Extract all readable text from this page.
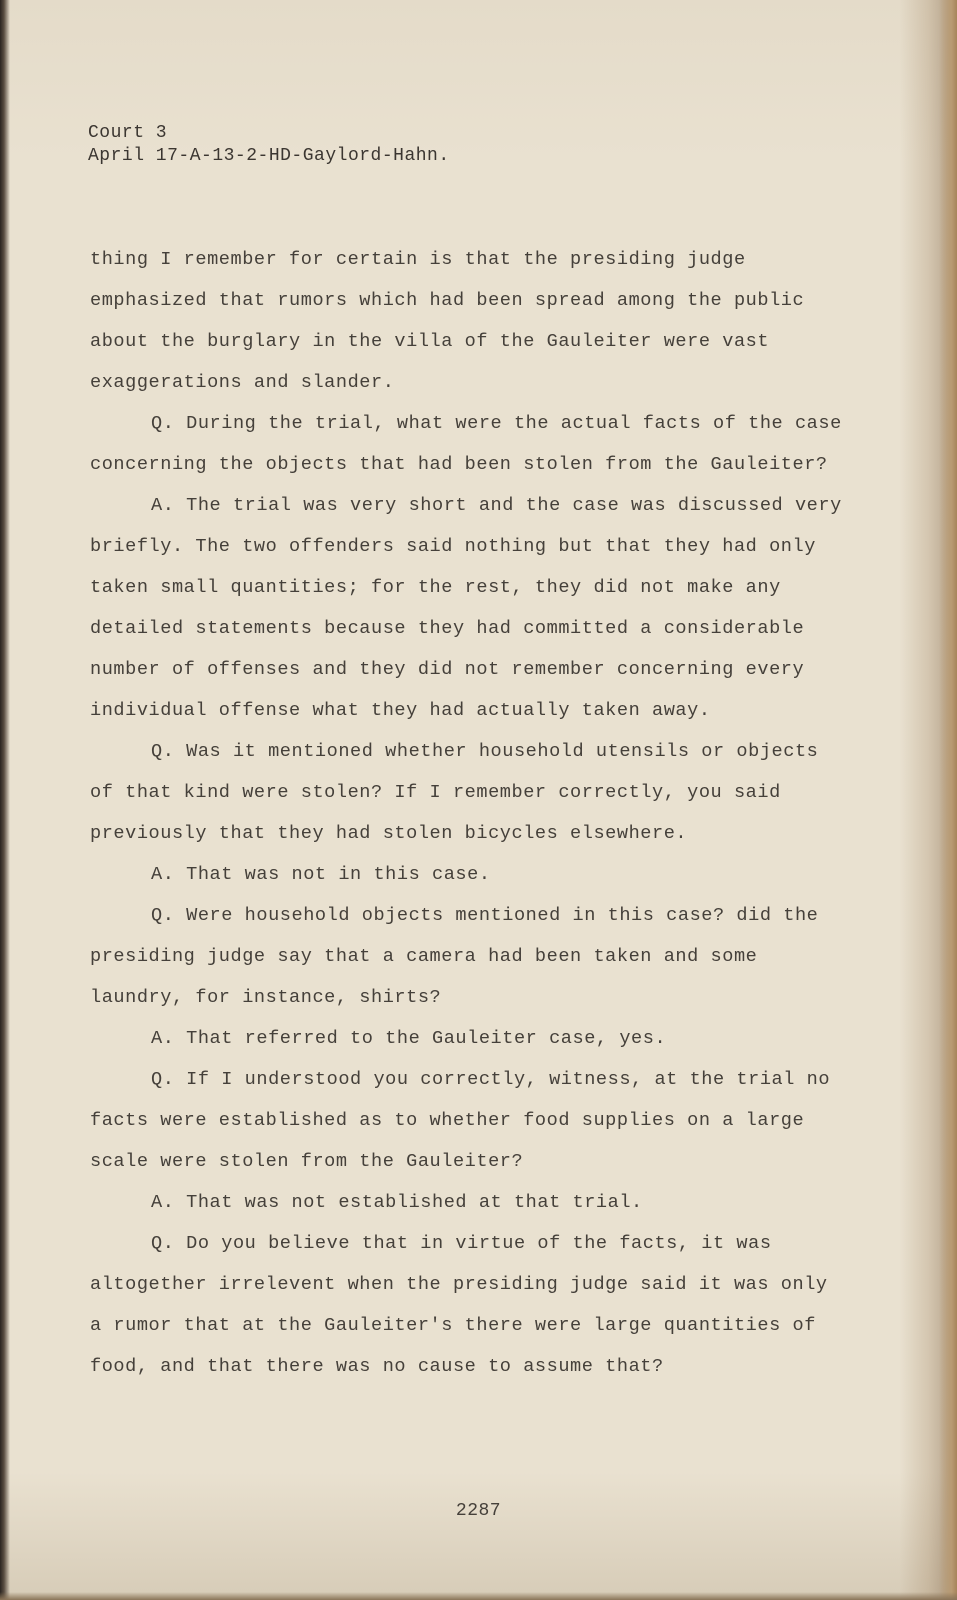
Court 3
April 17-A-13-2-HD-Gaylord-Hahn.

thing I remember for certain is that the presiding judge emphasized that rumors which had been spread among the public about the burglary in the villa of the Gauleiter were vast exaggerations and slander.

Q. During the trial, what were the actual facts of the case concerning the objects that had been stolen from the Gauleiter?

A. The trial was very short and the case was discussed very briefly. The two offenders said nothing but that they had only taken small quantities; for the rest, they did not make any detailed statements because they had committed a considerable number of offenses and they did not remember concerning every individual offense what they had actually taken away.

Q. Was it mentioned whether household utensils or objects of that kind were stolen? If I remember correctly, you said previously that they had stolen bicycles elsewhere.

A. That was not in this case.

Q. Were household objects mentioned in this case? did the presiding judge say that a camera had been taken and some laundry, for instance, shirts?

A. That referred to the Gauleiter case, yes.

Q. If I understood you correctly, witness, at the trial no facts were established as to whether food supplies on a large scale were stolen from the Gauleiter?

A. That was not established at that trial.

Q. Do you believe that in virtue of the facts, it was altogether irrelevent when the presiding judge said it was only a rumor that at the Gauleiter's there were large quantities of food, and that there was no cause to assume that?

2287
